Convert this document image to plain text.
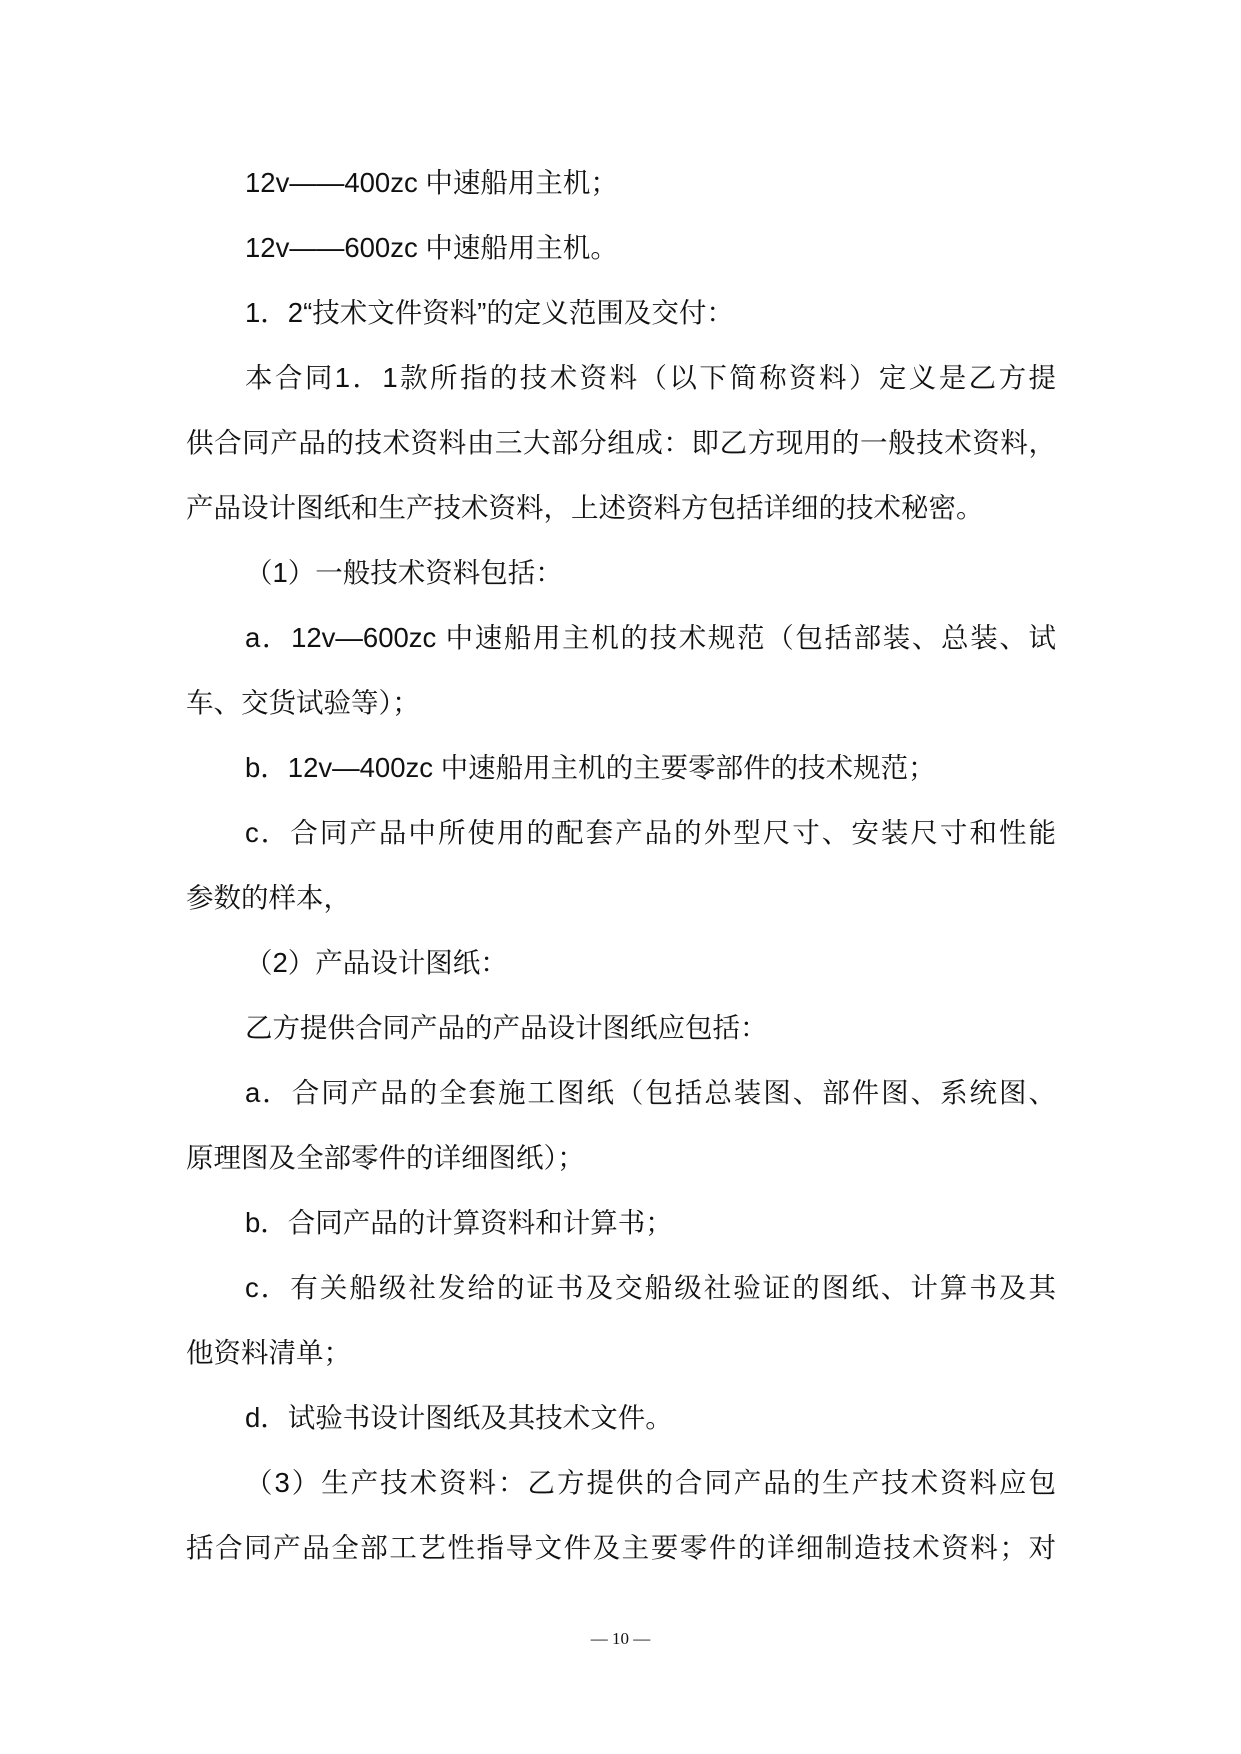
12v——400zc 中速船用主机；
12v——600zc 中速船用主机。
1．2“技术文件资料”的定义范围及交付：
本合同1．1款所指的技术资料（以下简称资料）定义是乙方提
供合同产品的技术资料由三大部分组成：即乙方现用的一般技术资料，
产品设计图纸和生产技术资料，上述资料方包括详细的技术秘密。
（1）一般技术资料包括：
a．12v—600zc 中速船用主机的技术规范（包括部装、总装、试
车、交货试验等）；
b．12v—400zc 中速船用主机的主要零部件的技术规范；
c．合同产品中所使用的配套产品的外型尺寸、安装尺寸和性能
参数的样本，
（2）产品设计图纸：
乙方提供合同产品的产品设计图纸应包括：
a．合同产品的全套施工图纸（包括总装图、部件图、系统图、
原理图及全部零件的详细图纸）；
b．合同产品的计算资料和计算书；
c．有关船级社发给的证书及交船级社验证的图纸、计算书及其
他资料清单；
d．试验书设计图纸及其技术文件。
（3）生产技术资料：乙方提供的合同产品的生产技术资料应包
括合同产品全部工艺性指导文件及主要零件的详细制造技术资料；对
— 10 —
